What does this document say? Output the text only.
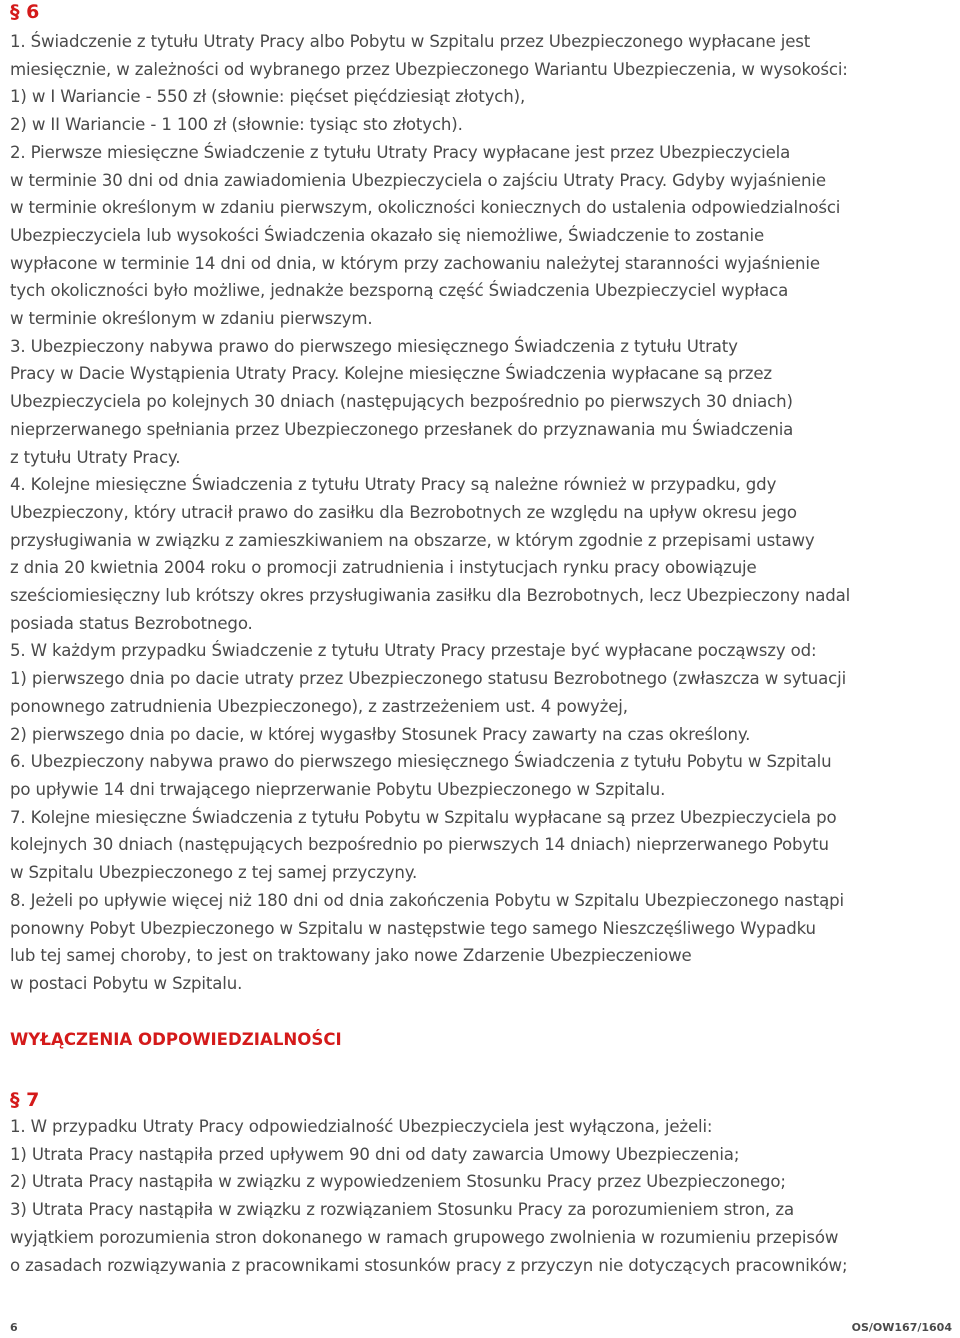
§ 6

1. Świadczenie z tytułu Utraty Pracy albo Pobytu w Szpitalu przez Ubezpieczonego wypłacane jest

miesięcznie, w zależności od wybranego przez Ubezpieczonego Wariantu Ubezpieczenia, w wysokości:

1) w I Wariancie - 550 zł (słownie: pięćset pięćdziesiąt złotych),

2) w II Wariancie - 1 100 zł (słownie: tysiąc sto złotych).

2. Pierwsze miesięczne Świadczenie z tytułu Utraty Pracy wypłacane jest przez Ubezpieczyciela

w terminie 30 dni od dnia zawiadomienia Ubezpieczyciela o zajściu Utraty Pracy. Gdyby wyjaśnienie

w terminie określonym w zdaniu pierwszym, okoliczności koniecznych do ustalenia odpowiedzialności

Ubezpieczyciela lub wysokości Świadczenia okazało się niemożliwe, Świadczenie to zostanie

wypłacone w terminie 14 dni od dnia, w którym przy zachowaniu należytej staranności wyjaśnienie

tych okoliczności było możliwe, jednakże bezsporną część Świadczenia Ubezpieczyciel wypłaca

w terminie określonym w zdaniu pierwszym.

3. Ubezpieczony nabywa prawo do pierwszego miesięcznego Świadczenia z tytułu Utraty

Pracy w Dacie Wystąpienia Utraty Pracy. Kolejne miesięczne Świadczenia wypłacane są przez

Ubezpieczyciela po kolejnych 30 dniach (następujących bezpośrednio po pierwszych 30 dniach)

nieprzerwanego spełniania przez Ubezpieczonego przesłanek do przyznawania mu Świadczenia

z tytułu Utraty Pracy.

4. Kolejne miesięczne Świadczenia z tytułu Utraty Pracy są należne również w przypadku, gdy

Ubezpieczony, który utracił prawo do zasiłku dla Bezrobotnych ze względu na upływ okresu jego

przysługiwania w związku z zamieszkiwaniem na obszarze, w którym zgodnie z przepisami ustawy

z dnia 20 kwietnia 2004 roku o promocji zatrudnienia i instytucjach rynku pracy obowiązuje

sześciomiesięczny lub krótszy okres przysługiwania zasiłku dla Bezrobotnych, lecz Ubezpieczony nadal

posiada status Bezrobotnego.

5. W każdym przypadku Świadczenie z tytułu Utraty Pracy przestaje być wypłacane począwszy od:

1) pierwszego dnia po dacie utraty przez Ubezpieczonego statusu Bezrobotnego (zwłaszcza w sytuacji

ponownego zatrudnienia Ubezpieczonego), z zastrzeżeniem ust. 4 powyżej,

2) pierwszego dnia po dacie, w której wygasłby Stosunek Pracy zawarty na czas określony.

6. Ubezpieczony nabywa prawo do pierwszego miesięcznego Świadczenia z tytułu Pobytu w Szpitalu

po upływie 14 dni trwającego nieprzerwanie Pobytu Ubezpieczonego w Szpitalu.

7. Kolejne miesięczne Świadczenia z tytułu Pobytu w Szpitalu wypłacane są przez Ubezpieczyciela po

kolejnych 30 dniach (następujących bezpośrednio po pierwszych 14 dniach) nieprzerwanego Pobytu

w Szpitalu Ubezpieczonego z tej samej przyczyny.

8. Jeżeli po upływie więcej niż 180 dni od dnia zakończenia Pobytu w Szpitalu Ubezpieczonego nastąpi

ponowny Pobyt Ubezpieczonego w Szpitalu w następstwie tego samego Nieszczęśliwego Wypadku

lub tej samej choroby, to jest on traktowany jako nowe Zdarzenie Ubezpieczeniowe

w postaci Pobytu w Szpitalu.

WYŁĄCZENIA ODPOWIEDZIALNOŚCI

§ 7

1. W przypadku Utraty Pracy odpowiedzialność Ubezpieczyciela jest wyłączona, jeżeli:

1) Utrata Pracy nastąpiła przed upływem 90 dni od daty zawarcia Umowy Ubezpieczenia;

2) Utrata Pracy nastąpiła w związku z wypowiedzeniem Stosunku Pracy przez Ubezpieczonego;

3) Utrata Pracy nastąpiła w związku z rozwiązaniem Stosunku Pracy za porozumieniem stron, za

wyjątkiem porozumienia stron dokonanego w ramach grupowego zwolnienia w rozumieniu przepisów

o zasadach rozwiązywania z pracownikami stosunków pracy z przyczyn nie dotyczących pracowników;

6	OS/OW167/1604
